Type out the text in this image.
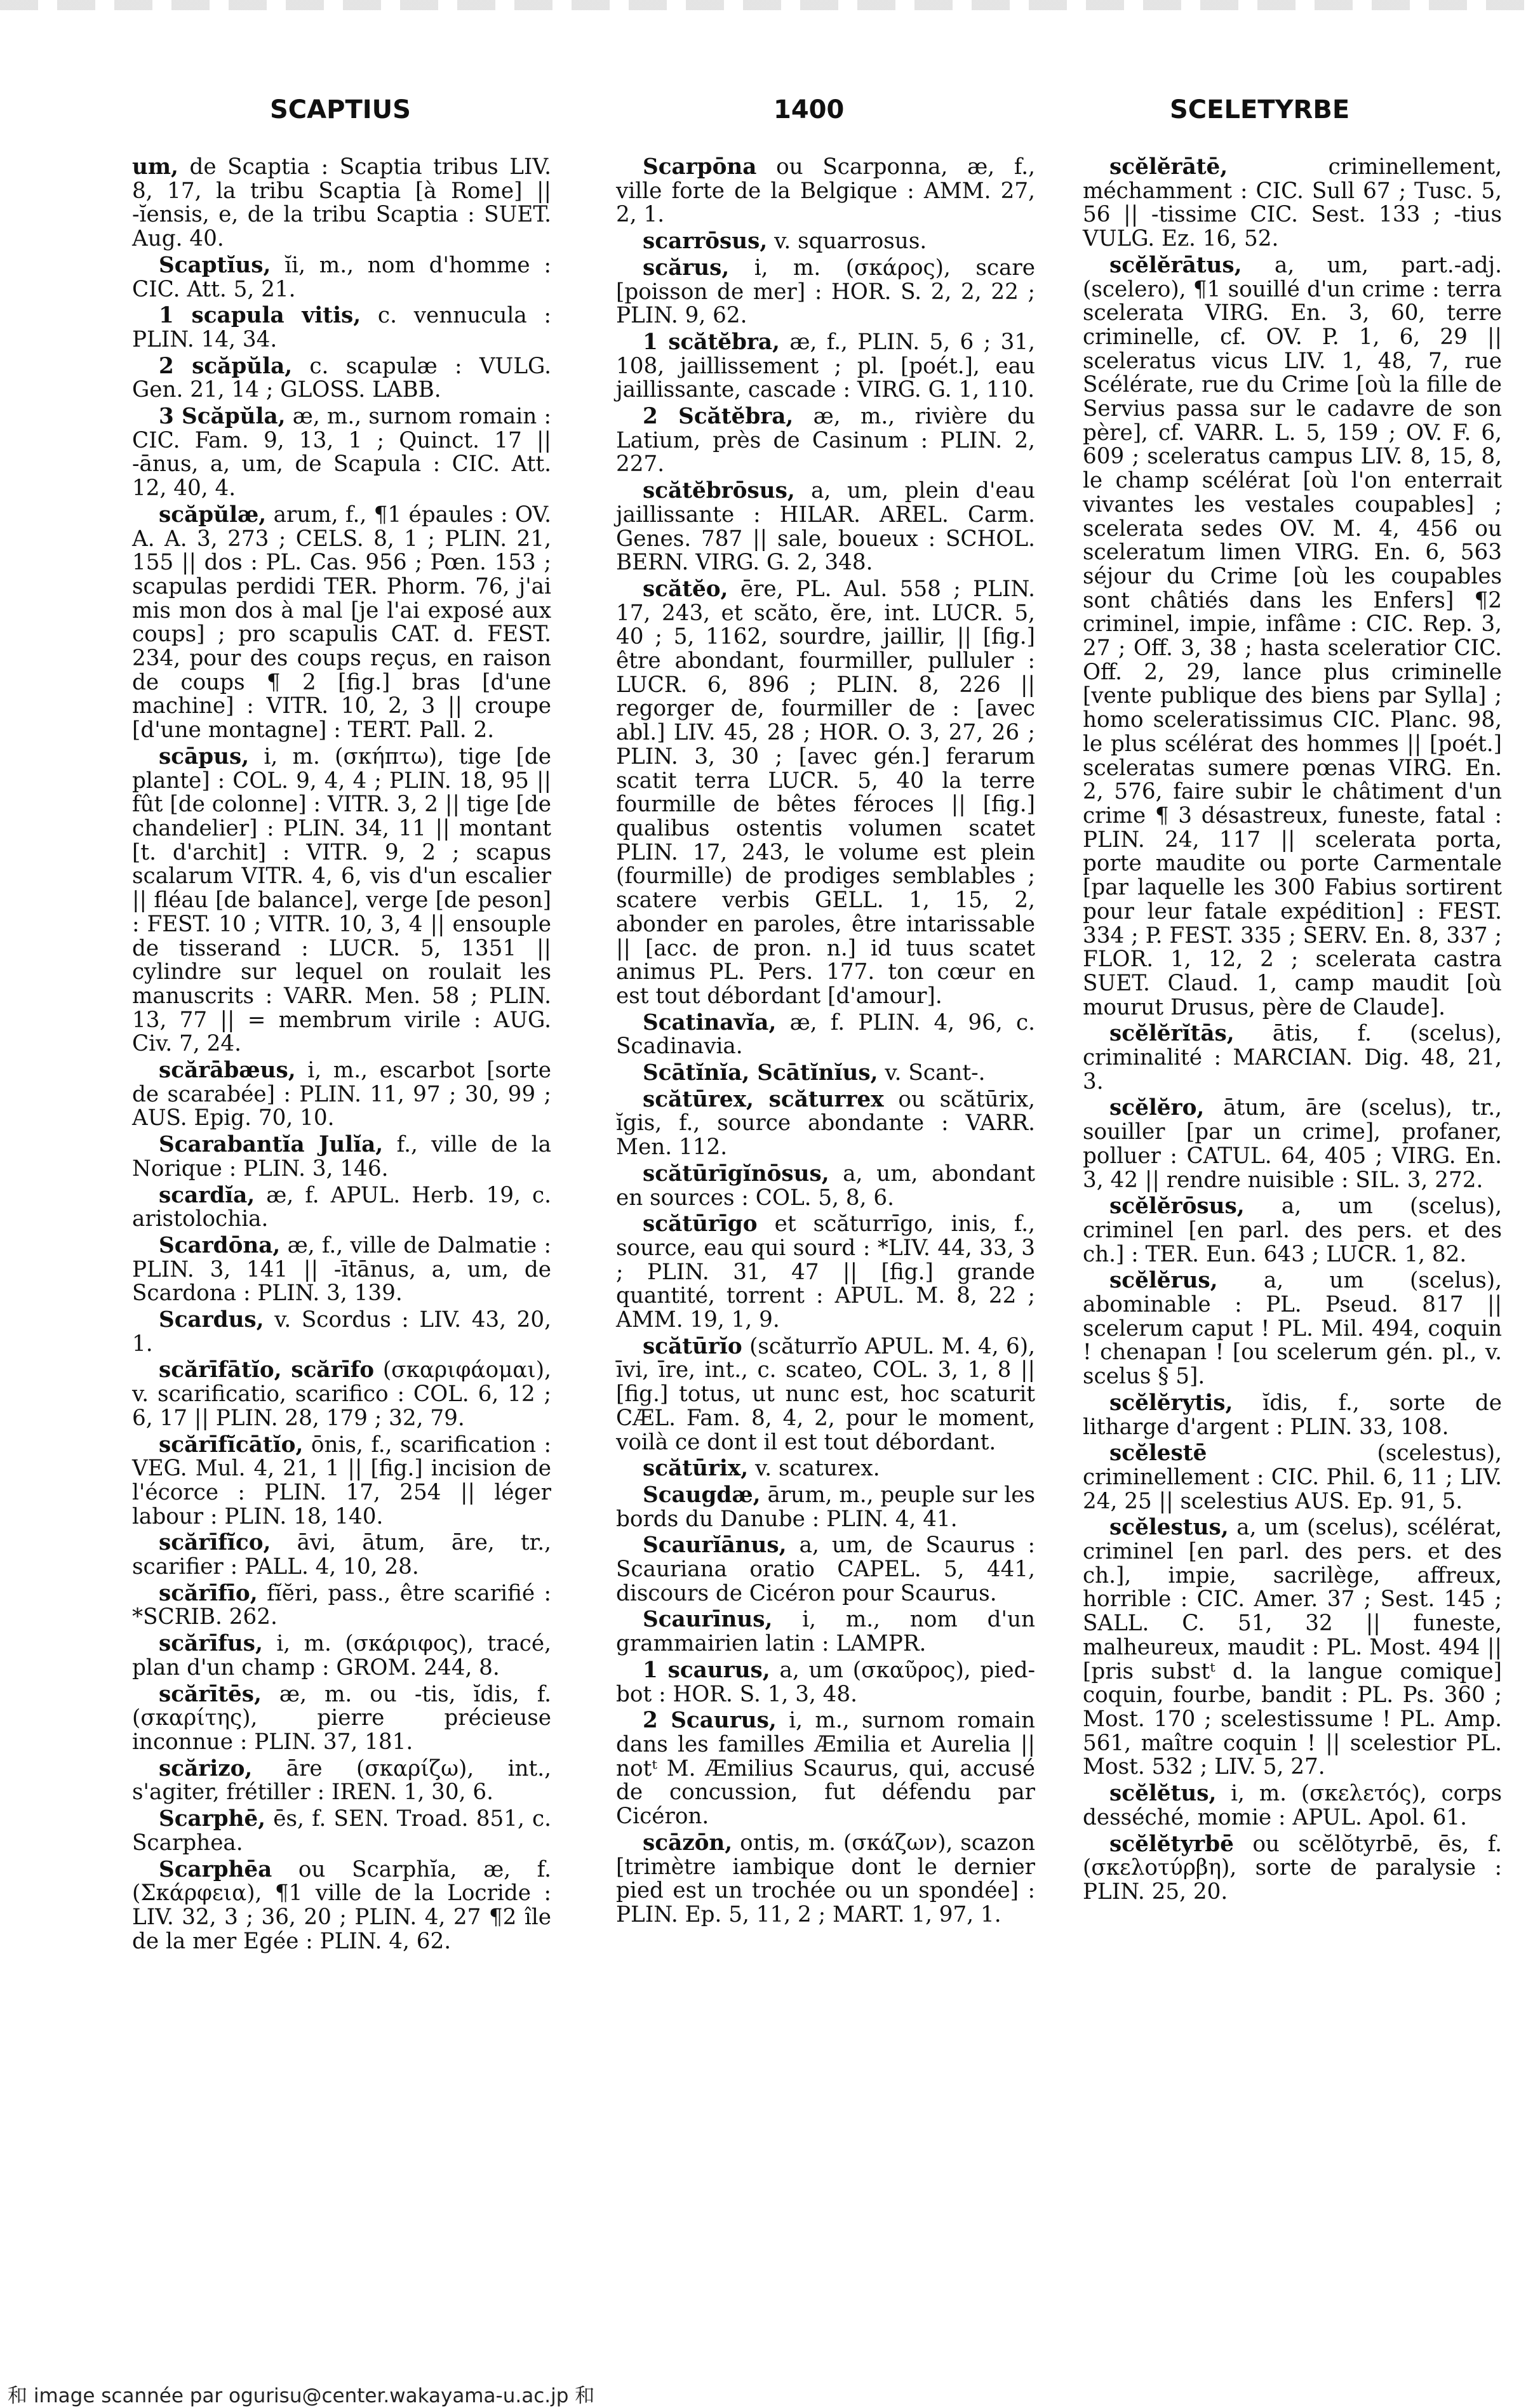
SCAPTIUS	1400	SCELETYRBE

um, de Scaptia : Scaptia tribus LIV. 8, 17, la tribu Scaptia [à Rome] || -ĭensis, e, de la tribu Scaptia : SUET. Aug. 40.

Scaptĭus, ĭi, m., nom d'homme : CIC. Att. 5, 21.

1 scapula vitis, c. vennucula : PLIN. 14, 34.

2 scăpŭla, c. scapulæ : VULG. Gen. 21, 14 ; GLOSS. LABB.

3 Scăpŭla, æ, m., surnom romain : CIC. Fam. 9, 13, 1 ; Quinct. 17 || -ānus, a, um, de Scapula : CIC. Att. 12, 40, 4.

scăpŭlæ, arum, f., ¶1 épaules : OV. A. A. 3, 273 ; CELS. 8, 1 ; PLIN. 21, 155 || dos : PL. Cas. 956 ; Pœn. 153 ; scapulas perdidi TER. Phorm. 76, j'ai mis mon dos à mal [je l'ai exposé aux coups] ; pro scapulis CAT. d. FEST. 234, pour des coups reçus, en raison de coups ¶ 2 [fig.] bras [d'une machine] : VITR. 10, 2, 3 || croupe [d'une montagne] : TERT. Pall. 2.

scāpus, i, m. (σκήπτω), tige [de plante] : COL. 9, 4, 4 ; PLIN. 18, 95 || fût [de colonne] : VITR. 3, 2 || tige [de chandelier] : PLIN. 34, 11 || montant [t. d'archit] : VITR. 9, 2 ; scapus scalarum VITR. 4, 6, vis d'un escalier || fléau [de balance], verge [de peson] : FEST. 10 ; VITR. 10, 3, 4 || ensouple de tisserand : LUCR. 5, 1351 || cylindre sur lequel on roulait les manuscrits : VARR. Men. 58 ; PLIN. 13, 77 || = membrum virile : AUG. Civ. 7, 24.

scărābæus, i, m., escarbot [sorte de scarabée] : PLIN. 11, 97 ; 30, 99 ; AUS. Epig. 70, 10.

Scarabantĭa Julĭa, f., ville de la Norique : PLIN. 3, 146.

scardĭa, æ, f. APUL. Herb. 19, c. aristolochia.

Scardōna, æ, f., ville de Dalmatie : PLIN. 3, 141 || -ītānus, a, um, de Scardona : PLIN. 3, 139.

Scardus, v. Scordus : LIV. 43, 20, 1.

scărīfātĭo, scărīfo (σκαριφάομαι), v. scarificatio, scarifico : COL. 6, 12 ; 6, 17 || PLIN. 28, 179 ; 32, 79.

scărīfĭcātĭo, ōnis, f., scarification : VEG. Mul. 4, 21, 1 || [fig.] incision de l'écorce : PLIN. 17, 254 || léger labour : PLIN. 18, 140.

scărīfĭco, āvi, ātum, āre, tr., scarifier : PALL. 4, 10, 28.

scărīfīo, fĭĕri, pass., être scarifié : *SCRIB. 262.

scărīfus, i, m. (σκάριφος), tracé, plan d'un champ : GROM. 244, 8.

scărītēs, æ, m. ou -tis, ĭdis, f. (σκαρίτης), pierre précieuse inconnue : PLIN. 37, 181.

scărizo, āre (σκαρίζω), int., s'agiter, frétiller : IREN. 1, 30, 6.

Scarphē, ēs, f. SEN. Troad. 851, c. Scarphea.

Scarphēa ou Scarphĭa, æ, f. (Σκάρφεια), ¶1 ville de la Locride : LIV. 32, 3 ; 36, 20 ; PLIN. 4, 27 ¶2 île de la mer Egée : PLIN. 4, 62.

Scarpōna ou Scarponna, æ, f., ville forte de la Belgique : AMM. 27, 2, 1.

scarrōsus, v. squarrosus.

scărus, i, m. (σκάρος), scare [poisson de mer] : HOR. S. 2, 2, 22 ; PLIN. 9, 62.

1 scătĕbra, æ, f., PLIN. 5, 6 ; 31, 108, jaillissement ; pl. [poét.], eau jaillissante, cascade : VIRG. G. 1, 110.

2 Scătĕbra, æ, m., rivière du Latium, près de Casinum : PLIN. 2, 227.

scătĕbrōsus, a, um, plein d'eau jaillissante : HILAR. AREL. Carm. Genes. 787 || sale, boueux : SCHOL. BERN. VIRG. G. 2, 348.

scătĕo, ēre, PL. Aul. 558 ; PLIN. 17, 243, et scăto, ĕre, int. LUCR. 5, 40 ; 5, 1162, sourdre, jaillir, || [fig.] être abondant, fourmiller, pulluler : LUCR. 6, 896 ; PLIN. 8, 226 || regorger de, fourmiller de : [avec abl.] LIV. 45, 28 ; HOR. O. 3, 27, 26 ; PLIN. 3, 30 ; [avec gén.] ferarum scatit terra LUCR. 5, 40 la terre fourmille de bêtes féroces || [fig.] qualibus ostentis volumen scatet PLIN. 17, 243, le volume est plein (fourmille) de prodiges semblables ; scatere verbis GELL. 1, 15, 2, abonder en paroles, être intarissable || [acc. de pron. n.] id tuus scatet animus PL. Pers. 177. ton cœur en est tout débordant [d'amour].

Scatinavĭa, æ, f. PLIN. 4, 96, c. Scadinavia.

Scātĭnĭa, Scātĭnĭus, v. Scant-.

scătūrex, scăturrex ou scătūrix, ĭgis, f., source abondante : VARR. Men. 112.

scătūrīgĭnōsus, a, um, abondant en sources : COL. 5, 8, 6.

scătūrīgo et scăturrīgo, inis, f., source, eau qui sourd : *LIV. 44, 33, 3 ; PLIN. 31, 47 || [fig.] grande quantité, torrent : APUL. M. 8, 22 ; AMM. 19, 1, 9.

scătūrĭo (scăturrĭo APUL. M. 4, 6), īvi, īre, int., c. scateo, COL. 3, 1, 8 || [fig.] totus, ut nunc est, hoc scaturit CÆL. Fam. 8, 4, 2, pour le moment, voilà ce dont il est tout débordant.

scătūrix, v. scaturex.

Scaugdæ, ārum, m., peuple sur les bords du Danube : PLIN. 4, 41.

Scaurĭānus, a, um, de Scaurus : Scauriana oratio CAPEL. 5, 441, discours de Cicéron pour Scaurus.

Scaurīnus, i, m., nom d'un grammairien latin : LAMPR.

1 scaurus, a, um (σκαῦρος), pied-bot : HOR. S. 1, 3, 48.

2 Scaurus, i, m., surnom romain dans les familles Æmilia et Aurelia || notᵗ M. Æmilius Scaurus, qui, accusé de concussion, fut défendu par Cicéron.

scāzōn, ontis, m. (σκάζων), scazon [trimètre iambique dont le dernier pied est un trochée ou un spondée] : PLIN. Ep. 5, 11, 2 ; MART. 1, 97, 1.

scĕlĕrātē, criminellement, méchamment : CIC. Sull 67 ; Tusc. 5, 56 || -tissime CIC. Sest. 133 ; -tius VULG. Ez. 16, 52.

scĕlĕrātus, a, um, part.-adj. (scelero), ¶1 souillé d'un crime : terra scelerata VIRG. En. 3, 60, terre criminelle, cf. OV. P. 1, 6, 29 || sceleratus vicus LIV. 1, 48, 7, rue Scélérate, rue du Crime [où la fille de Servius passa sur le cadavre de son père], cf. VARR. L. 5, 159 ; OV. F. 6, 609 ; sceleratus campus LIV. 8, 15, 8, le champ scélérat [où l'on enterrait vivantes les vestales coupables] ; scelerata sedes OV. M. 4, 456 ou sceleratum limen VIRG. En. 6, 563 séjour du Crime [où les coupables sont châtiés dans les Enfers] ¶2 criminel, impie, infâme : CIC. Rep. 3, 27 ; Off. 3, 38 ; hasta sceleratior CIC. Off. 2, 29, lance plus criminelle [vente publique des biens par Sylla] ; homo sceleratissimus CIC. Planc. 98, le plus scélérat des hommes || [poét.] sceleratas sumere pœnas VIRG. En. 2, 576, faire subir le châtiment d'un crime ¶ 3 désastreux, funeste, fatal : PLIN. 24, 117 || scelerata porta, porte maudite ou porte Carmentale [par laquelle les 300 Fabius sortirent pour leur fatale expédition] : FEST. 334 ; P. FEST. 335 ; SERV. En. 8, 337 ; FLOR. 1, 12, 2 ; scelerata castra SUET. Claud. 1, camp maudit [où mourut Drusus, père de Claude].

scĕlĕrĭtās, ātis, f. (scelus), criminalité : MARCIAN. Dig. 48, 21, 3.

scĕlĕro, ātum, āre (scelus), tr., souiller [par un crime], profaner, polluer : CATUL. 64, 405 ; VIRG. En. 3, 42 || rendre nuisible : SIL. 3, 272.

scĕlĕrōsus, a, um (scelus), criminel [en parl. des pers. et des ch.] : TER. Eun. 643 ; LUCR. 1, 82.

scĕlĕrus, a, um (scelus), abominable : PL. Pseud. 817 || scelerum caput ! PL. Mil. 494, coquin ! chenapan ! [ou scelerum gén. pl., v. scelus § 5].

scĕlĕrytis, ĭdis, f., sorte de litharge d'argent : PLIN. 33, 108.

scĕlestē (scelestus), criminellement : CIC. Phil. 6, 11 ; LIV. 24, 25 || scelestius AUS. Ep. 91, 5.

scĕlestus, a, um (scelus), scélérat, criminel [en parl. des pers. et des ch.], impie, sacrilège, affreux, horrible : CIC. Amer. 37 ; Sest. 145 ; SALL. C. 51, 32 || funeste, malheureux, maudit : PL. Most. 494 || [pris substᵗ d. la langue comique] coquin, fourbe, bandit : PL. Ps. 360 ; Most. 170 ; scelestissume ! PL. Amp. 561, maître coquin ! || scelestior PL. Most. 532 ; LIV. 5, 27.

scĕlĕtus, i, m. (σκελετός), corps desséché, momie : APUL. Apol. 61.

scĕlĕtyrbē ou scĕlŏtyrbē, ēs, f. (σκελοτύρβη), sorte de paralysie : PLIN. 25, 20.

和 image scannée par ogurisu@center.wakayama-u.ac.jp 和
